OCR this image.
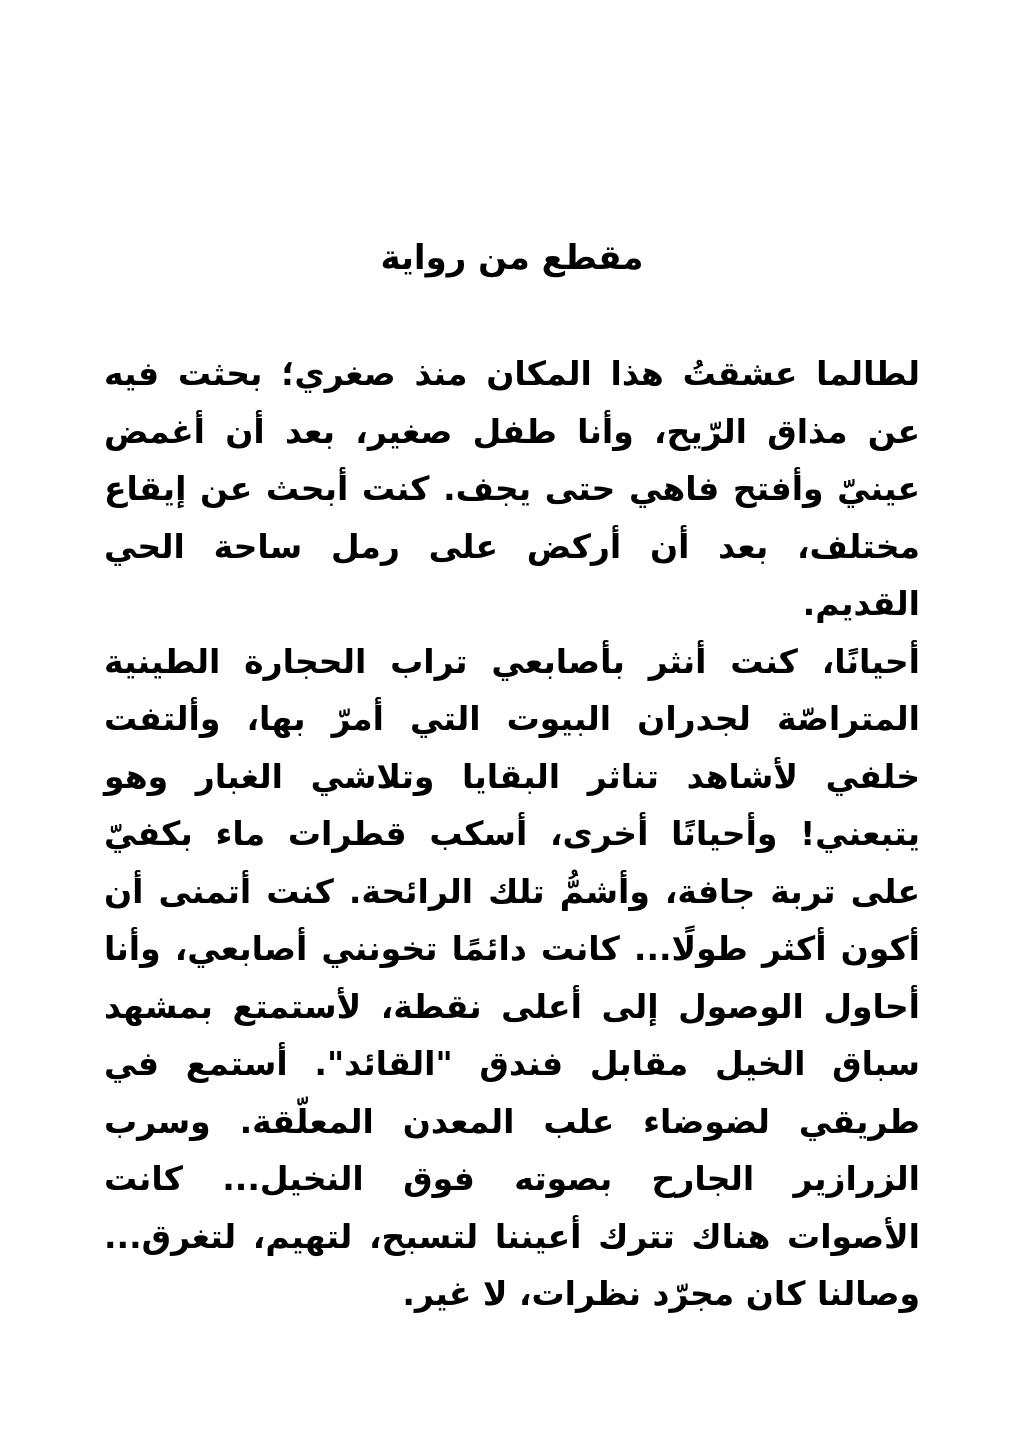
مقطع من رواية

لطالما عشقتُ هذا المكان منذ صغري؛ بحثت فيه عن مذاق الرّيح، وأنا طفل صغير، بعد أن أغمض عينيّ وأفتح فاهي حتى يجف. كنت أبحث عن إيقاع مختلف، بعد أن أركض على رمل ساحة الحي القديم.

أحيانًا، كنت أنثر بأصابعي تراب الحجارة الطينية المتراصّة لجدران البيوت التي أمرّ بها، وألتفت خلفي لأشاهد تناثر البقايا وتلاشي الغبار وهو يتبعني! وأحيانًا أخرى، أسكب قطرات ماء بكفيّ على تربة جافة، وأشمُّ تلك الرائحة. كنت أتمنى أن أكون أكثر طولًا... كانت دائمًا تخونني أصابعي، وأنا أحاول الوصول إلى أعلى نقطة، لأستمتع بمشهد سباق الخيل مقابل فندق "القائد". أستمع في طريقي لضوضاء علب المعدن المعلّقة. وسرب الزرازير الجارح بصوته فوق النخيل... كانت الأصوات هناك تترك أعيننا لتسبح، لتهيم، لتغرق... وصالنا كان مجرّد نظرات، لا غير.
